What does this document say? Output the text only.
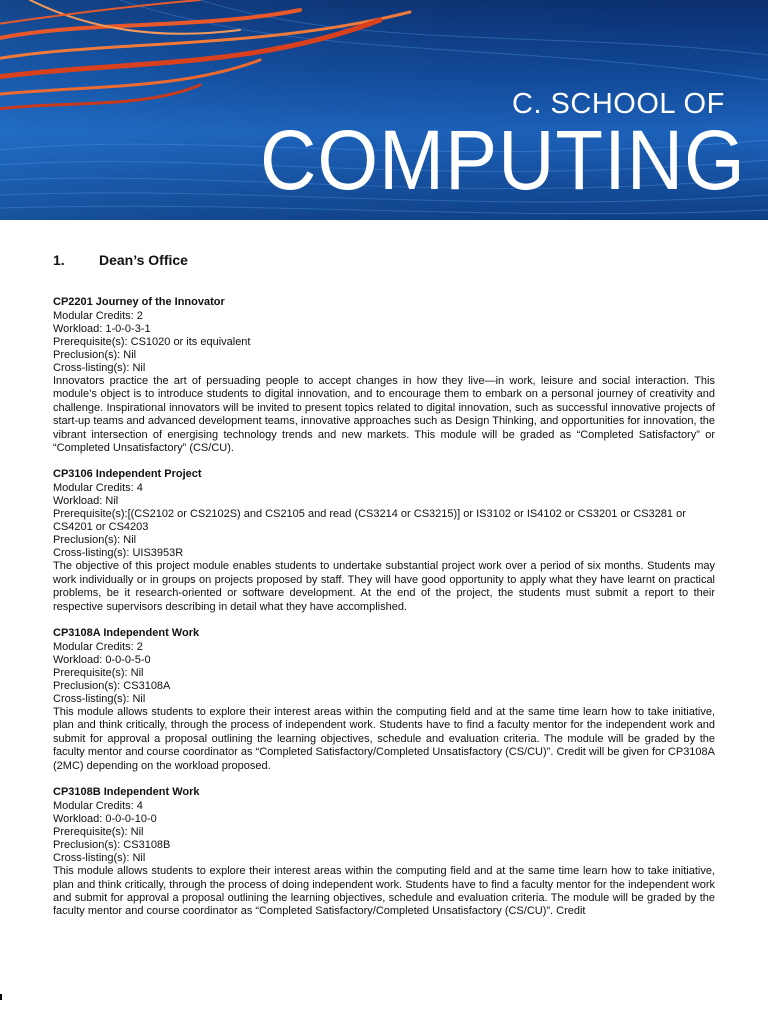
C. SCHOOL OF
COMPUTING
1.	Dean’s Office
CP2201 Journey of the Innovator
Modular Credits: 2
Workload: 1-0-0-3-1
Prerequisite(s): CS1020 or its equivalent
Preclusion(s): Nil
Cross-listing(s): Nil
Innovators practice the art of persuading people to accept changes in how they live—in work, leisure and social interaction. This module’s object is to introduce students to digital innovation, and to encourage them to embark on a personal journey of creativity and challenge. Inspirational innovators will be invited to present topics related to digital innovation, such as successful innovative projects of start-up teams and advanced development teams, innovative approaches such as Design Thinking, and opportunities for innovation, the vibrant intersection of energising technology trends and new markets. This module will be graded as “Completed Satisfactory” or “Completed Unsatisfactory” (CS/CU).
CP3106 Independent Project
Modular Credits: 4
Workload: Nil
Prerequisite(s):[(CS2102 or CS2102S) and CS2105 and read (CS3214 or CS3215)] or IS3102 or IS4102 or CS3201 or CS3281 or CS4201 or CS4203
Preclusion(s): Nil
Cross-listing(s): UIS3953R
The objective of this project module enables students to undertake substantial project work over a period of six months. Students may work individually or in groups on projects proposed by staff. They will have good opportunity to apply what they have learnt on practical problems, be it research-oriented or software development. At the end of the project, the students must submit a report to their respective supervisors describing in detail what they have accomplished.
CP3108A Independent Work
Modular Credits: 2
Workload: 0-0-0-5-0
Prerequisite(s): Nil
Preclusion(s): CS3108A
Cross-listing(s): Nil
This module allows students to explore their interest areas within the computing field and at the same time learn how to take initiative, plan and think critically, through the process of independent work. Students have to find a faculty mentor for the independent work and submit for approval a proposal outlining the learning objectives, schedule and evaluation criteria. The module will be graded by the faculty mentor and course coordinator as “Completed Satisfactory/Completed Unsatisfactory (CS/CU)”. Credit will be given for CP3108A (2MC) depending on the workload proposed.
CP3108B Independent Work
Modular Credits: 4
Workload: 0-0-0-10-0
Prerequisite(s): Nil
Preclusion(s): CS3108B
Cross-listing(s): Nil
This module allows students to explore their interest areas within the computing field and at the same time learn how to take initiative, plan and think critically, through the process of doing independent work. Students have to find a faculty mentor for the independent work and submit for approval a proposal outlining the learning objectives, schedule and evaluation criteria. The module will be graded by the faculty mentor and course coordinator as “Completed Satisfactory/Completed Unsatisfactory (CS/CU)”. Credit
